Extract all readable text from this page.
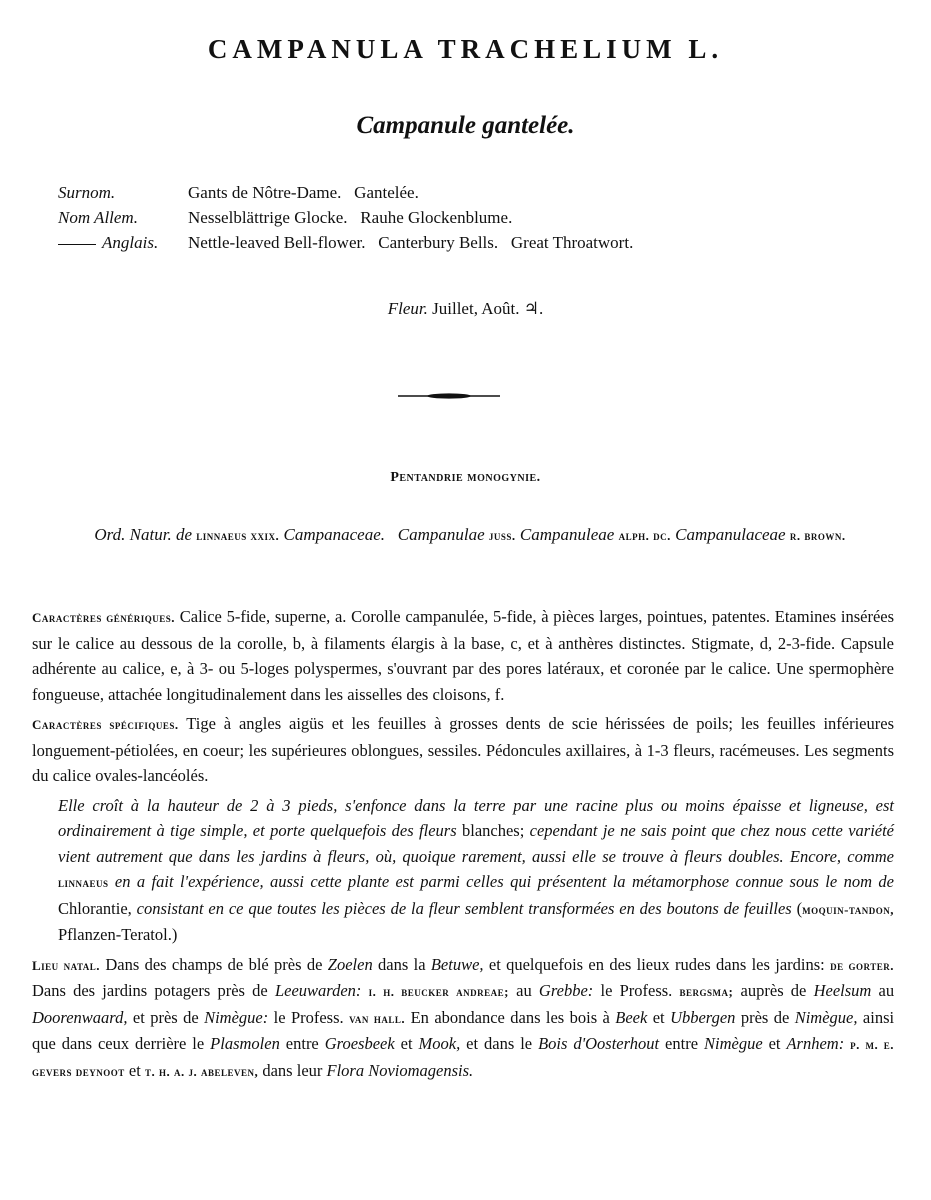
CAMPANULA TRACHELIUM L.
Campanule gantelée.
Surnom.	Gants de Nôtre-Dame.   Gantelée.
Nom Allem.	Nesselblättrige Glocke.   Rauhe Glockenblume.
Anglais.	Nettle-leaved Bell-flower.   Canterbury Bells.   Great Throatwort.
Fleur. Juillet, Août. ♃.
Pentandrie monogynie.
Ord. Natur. de linnaeus xxix. Campanaceae.   Campanulae juss. Campanuleae alph. dc. Campanulaceae r. brown.

Caractères génériques. Calice 5-fide, superne, a. Corolle campanulée, 5-fide, à pièces larges, pointues, patentes. Etamines insérées sur le calice au dessous de la corolle, b, à filaments élargis à la base, c, et à anthères distinctes. Stigmate, d, 2-3-fide. Capsule adhérente au calice, e, à 3- ou 5-loges polyspermes, s'ouvrant par des pores latéraux, et coronée par le calice. Une spermophère fongueuse, attachée longitudinalement dans les aisselles des cloisons, f.

Caractères spécifiques. Tige à angles aigüs et les feuilles à grosses dents de scie hérissées de poils; les feuilles inférieures longuement-pétiolées, en coeur; les supérieures oblongues, sessiles. Pédoncules axillaires, à 1-3 fleurs, racémeuses. Les segments du calice ovales-lancéolés.

Elle croît à la hauteur de 2 à 3 pieds, s'enfonce dans la terre par une racine plus ou moins épaisse et ligneuse, est ordinairement à tige simple, et porte quelquefois des fleurs blanches; cependant je ne sais point que chez nous cette variété vient autrement que dans les jardins à fleurs, où, quoique rarement, aussi elle se trouve à fleurs doubles. Encore, comme linnaeus en a fait l'expérience, aussi cette plante est parmi celles qui présentent la métamorphose connue sous le nom de Chlorantie, consistant en ce que toutes les pièces de la fleur semblent transformées en des boutons de feuilles (moquin-tandon, Pflanzen-Teratol.)

Lieu natal. Dans des champs de blé près de Zoelen dans la Betuwe, et quelquefois en des lieux rudes dans les jardins: de gorter. Dans des jardins potagers près de Leeuwarden: i. h. beucker andreae; au Grebbe: le Profess. bergsma; auprès de Heelsum au Doorenwaard, et près de Nimègue: le Profess. van hall. En abondance dans les bois à Beek et Ubbergen près de Nimègue, ainsi que dans ceux derrière le Plasmolen entre Groesbeek et Mook, et dans le Bois d'Oosterhout entre Nimègue et Arnhem: p. m. e. gevers deynoot et t. h. a. j. abeleven, dans leur Flora Noviomagensis.
